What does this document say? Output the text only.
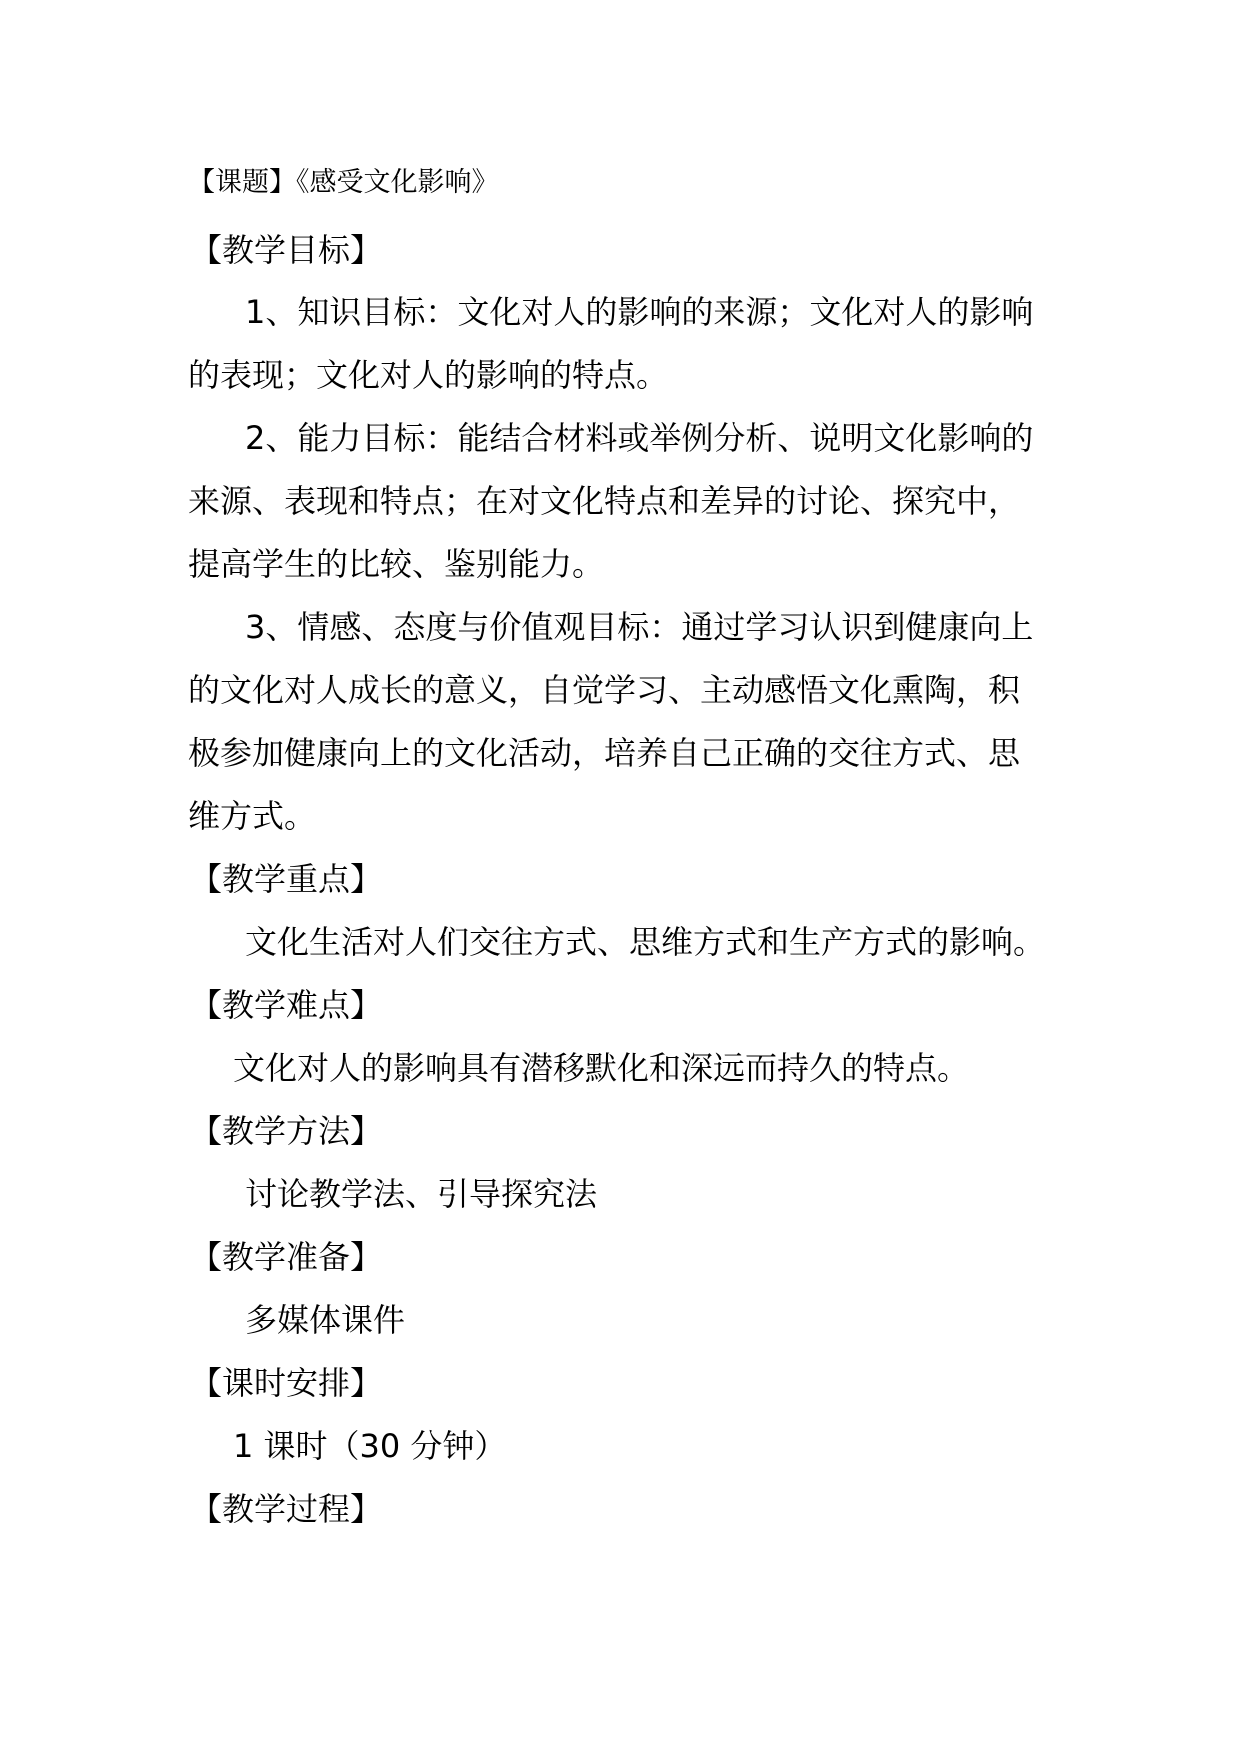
【课题】《感受文化影响》
【教学目标】
1、知识目标：文化对人的影响的来源；文化对人的影响
的表现；文化对人的影响的特点。
2、能力目标：能结合材料或举例分析、说明文化影响的
来源、表现和特点；在对文化特点和差异的讨论、探究中，
提高学生的比较、鉴别能力。
3、情感、态度与价值观目标：通过学习认识到健康向上
的文化对人成长的意义，自觉学习、主动感悟文化熏陶，积
极参加健康向上的文化活动，培养自己正确的交往方式、思
维方式。
【教学重点】
文化生活对人们交往方式、思维方式和生产方式的影响。
【教学难点】
文化对人的影响具有潜移默化和深远而持久的特点。
【教学方法】
讨论教学法、引导探究法
【教学准备】
多媒体课件
【课时安排】
1 课时（30 分钟）
【教学过程】
